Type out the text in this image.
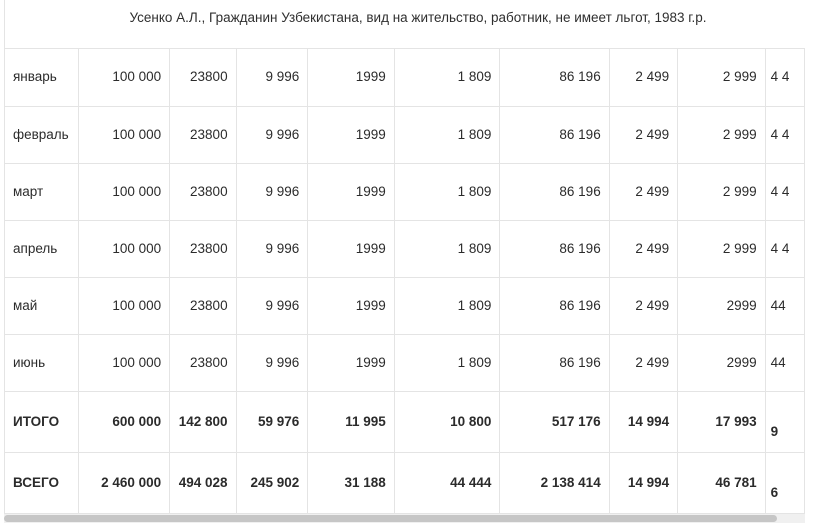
Усенко А.Л., Гражданин Узбекистана, вид на жительство, работник, не имеет льгот, 1983 г.р.
январь	100 000	23800	9 996	1999	1 809	86 196	2 499	2 999	4 4
февраль	100 000	23800	9 996	1999	1 809	86 196	2 499	2 999	4 4
март	100 000	23800	9 996	1999	1 809	86 196	2 499	2 999	4 4
апрель	100 000	23800	9 996	1999	1 809	86 196	2 499	2 999	4 4
май	100 000	23800	9 996	1999	1 809	86 196	2 499	2999	44
июнь	100 000	23800	9 996	1999	1 809	86 196	2 499	2999	44
ИТОГО	600 000	142 800	59 976	11 995	10 800	517 176	14 994	17 993	9
ВСЕГО	2 460 000	494 028	245 902	31 188	44 444	2 138 414	14 994	46 781	6
